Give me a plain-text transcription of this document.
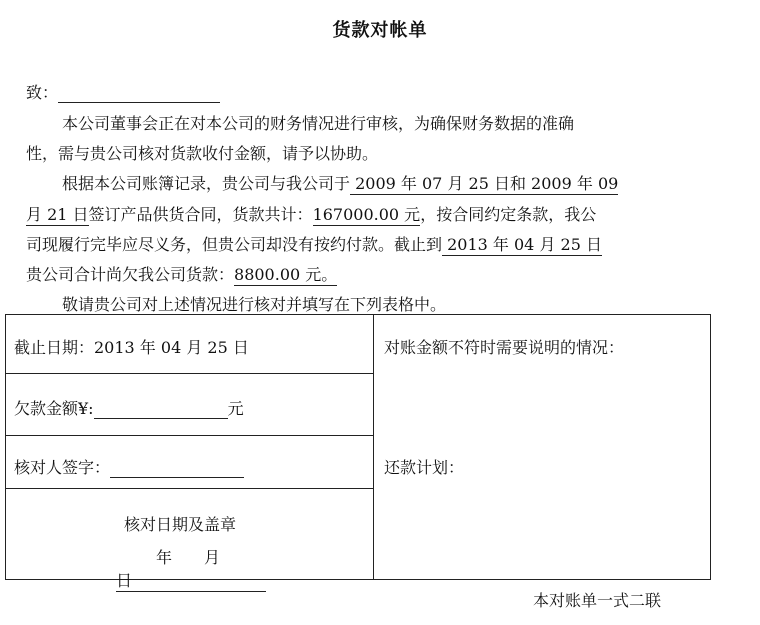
货款对帐单
致：
本公司董事会正在对本公司的财务情况进行审核，为确保财务数据的准确
性，需与贵公司核对货款收付金额，请予以协助。
根据本公司账簿记录，贵公司与我公司于 2009 年 07 月 25 日和 2009 年 09
月 21 日签订产品供货合同，货款共计：167000.00 元，按合同约定条款，我公
司现履行完毕应尽义务，但贵公司却没有按约付款。截止到 2013 年 04 月 25 日
贵公司合计尚欠我公司货款：8800.00 元。
敬请贵公司对上述情况进行核对并填写在下列表格中。
截止日期：2013 年 04 月 25 日
欠款金额¥:	元
核对人签字：
核对日期及盖章
年　　月　　日
对账金额不符时需要说明的情况：
还款计划：
本对账单一式二联
